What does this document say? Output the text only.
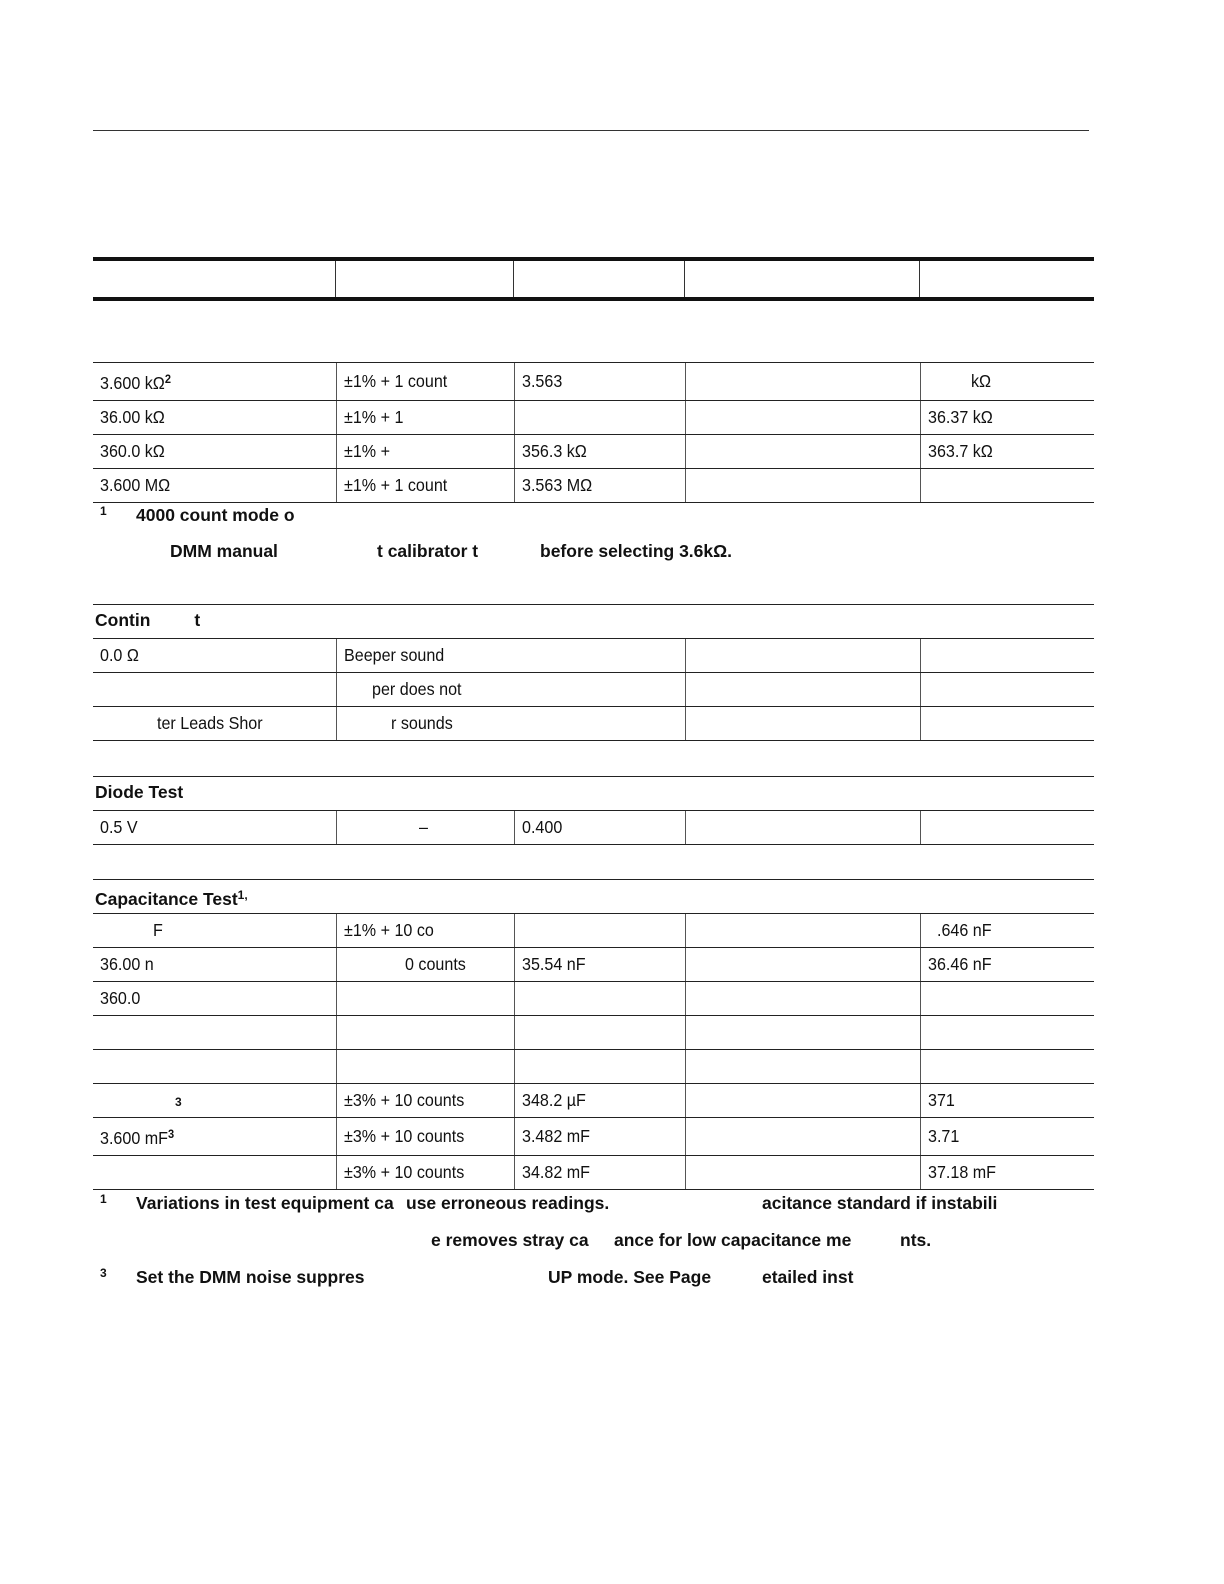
3.600 $k\Omega^2$	±1% + 1 count	3.563		kΩ
36.00 kΩ	±1% + 1			36.37 kΩ
360.0 kΩ	±1% +	356.3 kΩ		363.7 kΩ
3.600 MΩ	±1% + 1 count	3.563 MΩ		
1 4000 count mode o
DMM manual	t calibrator t	before selecting 3.6kΩ.
Contin	t
0.0 Ω	Beeper sound		
	per does not		
ter Leads Shor	r sounds		
Diode Test
0.5 V	–	0.400		
Capacitance Test$^{1,}$
F	±1% + 10 co			.646 nF
36.00 n	0 counts	35.54 nF		36.46 nF
360.0				

3	±3% + 10 counts	348.2 µF		371
3.600 $mF^3$	±3% + 10 counts	3.482 mF		3.71
	±3% + 10 counts	34.82 mF		37.18 mF
1 Variations in test equipment ca use erroneous readings.	acitance standard if instabili
e removes stray ca ance for low capacitance me	nts.
3 Set the DMM noise suppres	UP mode. See Page	etailed inst
